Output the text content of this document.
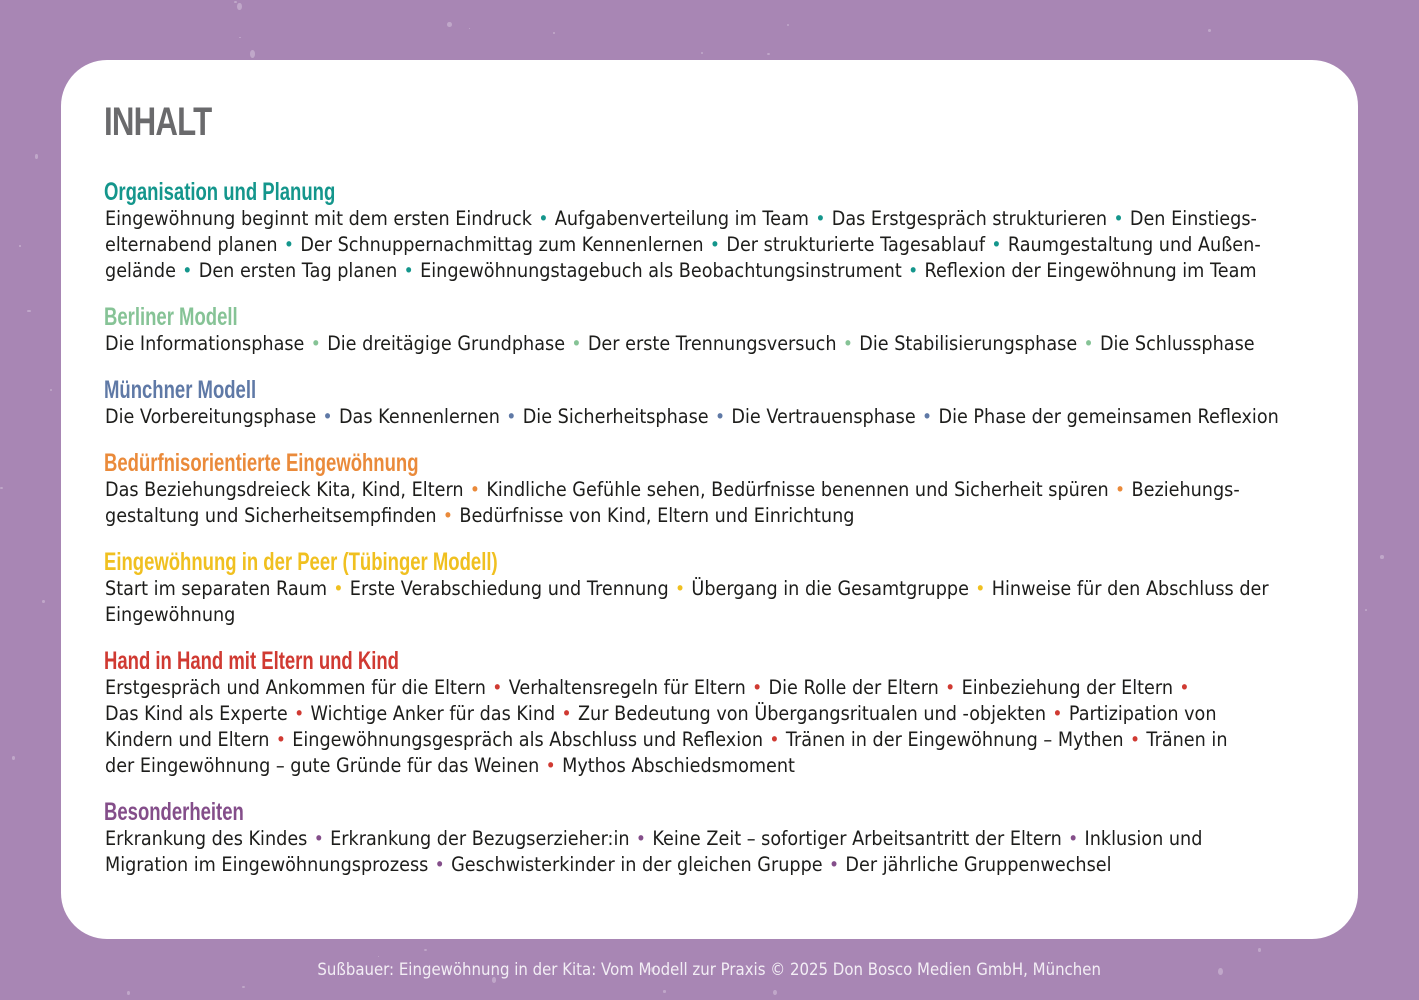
INHALT
Organisation und Planung
Eingewöhnung beginnt mit dem ersten Eindruck • Aufgabenverteilung im Team • Das Erstgespräch strukturieren • Den Einstiegs-
elternabend planen • Der Schnuppernachmittag zum Kennenlernen • Der strukturierte Tagesablauf • Raumgestaltung und Außen-
gelände • Den ersten Tag planen • Eingewöhnungstagebuch als Beobachtungsinstrument • Reflexion der Eingewöhnung im Team
Berliner Modell
Die Informationsphase • Die dreitägige Grundphase • Der erste Trennungsversuch • Die Stabilisierungsphase • Die Schlussphase
Münchner Modell
Die Vorbereitungsphase • Das Kennenlernen • Die Sicherheitsphase • Die Vertrauensphase • Die Phase der gemeinsamen Reflexion
Bedürfnisorientierte Eingewöhnung
Das Beziehungsdreieck Kita, Kind, Eltern • Kindliche Gefühle sehen, Bedürfnisse benennen und Sicherheit spüren • Beziehungs-
gestaltung und Sicherheitsempfinden • Bedürfnisse von Kind, Eltern und Einrichtung
Eingewöhnung in der Peer (Tübinger Modell)
Start im separaten Raum • Erste Verabschiedung und Trennung • Übergang in die Gesamtgruppe • Hinweise für den Abschluss der
Eingewöhnung
Hand in Hand mit Eltern und Kind
Erstgespräch und Ankommen für die Eltern • Verhaltensregeln für Eltern • Die Rolle der Eltern • Einbeziehung der Eltern •
Das Kind als Experte • Wichtige Anker für das Kind • Zur Bedeutung von Übergangsritualen und -objekten • Partizipation von
Kindern und Eltern • Eingewöhnungsgespräch als Abschluss und Reflexion • Tränen in der Eingewöhnung – Mythen • Tränen in
der Eingewöhnung – gute Gründe für das Weinen • Mythos Abschiedsmoment
Besonderheiten
Erkrankung des Kindes • Erkrankung der Bezugserzieher:in • Keine Zeit – sofortiger Arbeitsantritt der Eltern • Inklusion und
Migration im Eingewöhnungsprozess • Geschwisterkinder in der gleichen Gruppe • Der jährliche Gruppenwechsel
Sußbauer: Eingewöhnung in der Kita: Vom Modell zur Praxis © 2025 Don Bosco Medien GmbH, München
